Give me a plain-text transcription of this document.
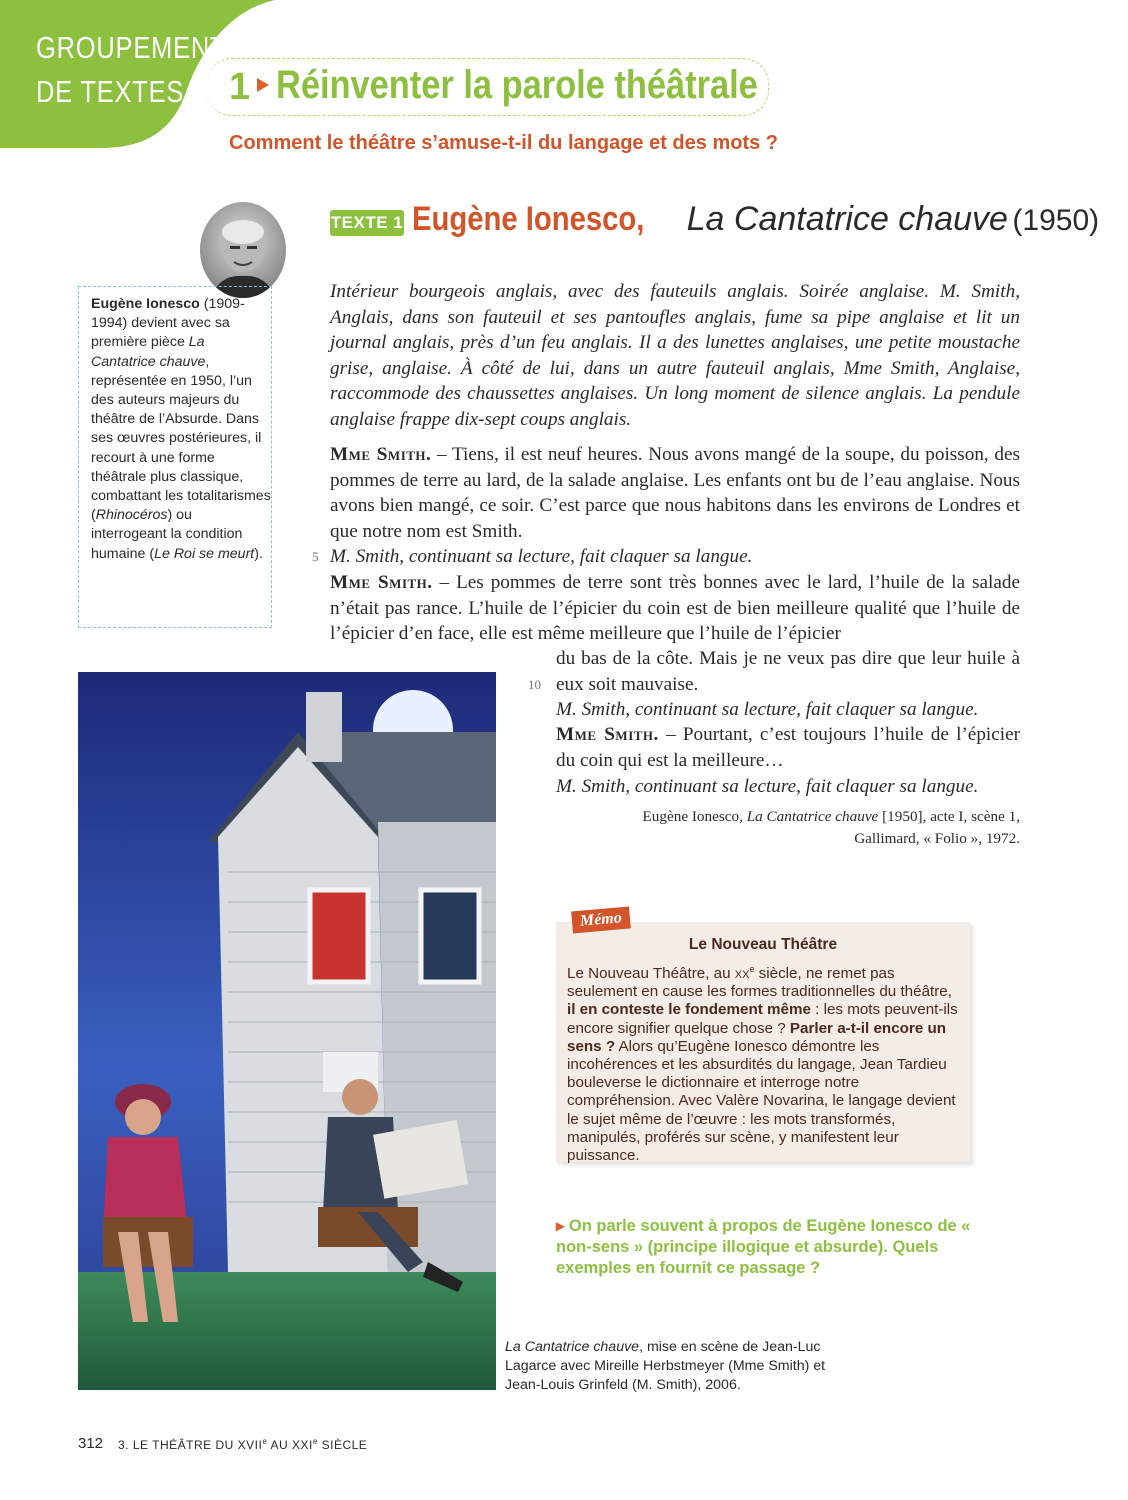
GROUPEMENT
DE TEXTES 1 Réinventer la parole théâtrale
Comment le théâtre s’amuse-t-il du langage et des mots ?
Eugène Ionesco (1909-1994) devient avec sa première pièce La Cantatrice chauve, représentée en 1950, l’un des auteurs majeurs du théâtre de l’Absurde. Dans ses œuvres postérieures, il recourt à une forme théâtrale plus classique, combattant les totalitarismes (Rhinocéros) ou interrogeant la condition humaine (Le Roi se meurt).
TEXTE 1 Eugène Ionesco, La Cantatrice chauve (1950)
Intérieur bourgeois anglais, avec des fauteuils anglais. Soirée anglaise. M. Smith, Anglais, dans son fauteuil et ses pantoufles anglais, fume sa pipe anglaise et lit un journal anglais, près d’un feu anglais. Il a des lunettes anglaises, une petite moustache grise, anglaise. À côté de lui, dans un autre fauteuil anglais, Mme Smith, Anglaise, raccommode des chaussettes anglaises. Un long moment de silence anglais. La pendule anglaise frappe dix-sept coups anglais.
Mme Smith. – Tiens, il est neuf heures. Nous avons mangé de la soupe, du poisson, des pommes de terre au lard, de la salade anglaise. Les enfants ont bu de l’eau anglaise. Nous avons bien mangé, ce soir. C’est parce que nous habitons dans les environs de Londres et que notre nom est Smith.
5 M. Smith, continuant sa lecture, fait claquer sa langue.
Mme Smith. – Les pommes de terre sont très bonnes avec le lard, l’huile de la salade n’était pas rance. L’huile de l’épicier du coin est de bien meilleure qualité que l’huile de l’épicier d’en face, elle est même meilleure que l’huile de l’épicier
du bas de la côte. Mais je ne veux pas dire que leur huile à eux soit mauvaise.
10
M. Smith, continuant sa lecture, fait claquer sa langue.
Mme Smith. – Pourtant, c’est toujours l’huile de l’épicier du coin qui est la meilleure…
M. Smith, continuant sa lecture, fait claquer sa langue.
Eugène Ionesco, La Cantatrice chauve [1950], acte I, scène 1,
Gallimard, « Folio », 1972.
La Cantatrice chauve, mise en scène de Jean-Luc Lagarce avec Mireille Herbstmeyer (Mme Smith) et Jean-Louis Grinfeld (M. Smith), 2006.
Mémo
Le Nouveau Théâtre
Le Nouveau Théâtre, au $xx^e$ siècle, ne remet pas seulement en cause les formes traditionnelles du théâtre, il en conteste le fondement même : les mots peuvent-ils encore signifier quelque chose ? Parler a-t-il encore un sens ? Alors qu’Eugène Ionesco démontre les incohérences et les absurdités du langage, Jean Tardieu bouleverse le dictionnaire et interroge notre compréhension. Avec Valère Novarina, le langage devient le sujet même de l’œuvre : les mots transformés, manipulés, proférés sur scène, y manifestent leur puissance.
▸ On parle souvent à propos de Eugène Ionesco de « non-sens » (principe illogique et absurde). Quels exemples en fournit ce passage ?
312 3. LE THÉÂTRE DU XVIIe AU XXIe SIÈCLE
